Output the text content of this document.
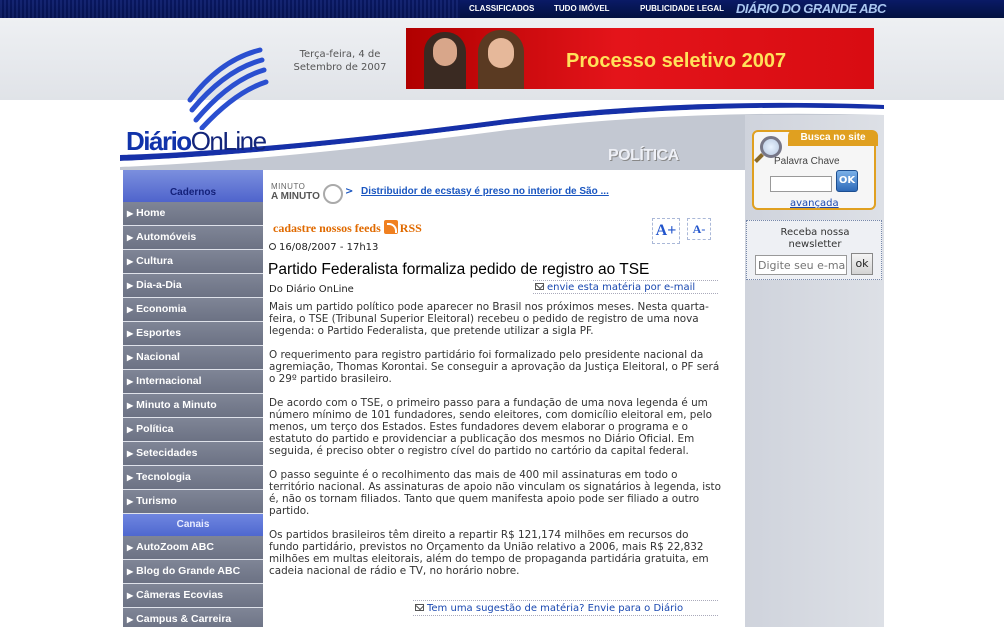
CLASSIFICADOS TUDO IMÓVEL	PUBLICIDADE LEGAL DIÁRIO DO GRANDE ABC
Terça-feira, 4 de Setembro de 2007	Processo seletivo 2007
DiárioOnLine	POLÍTICA
Cadernos
▶ Home
▶ Automóveis
▶ Cultura
▶ Dia-a-Dia
▶ Economia
▶ Esportes
▶ Nacional
▶ Internacional
▶ Minuto a Minuto
▶ Política
▶ Setecidades
▶ Tecnologia
▶ Turismo
Canais
▶ AutoZoom ABC
▶ Blog do Grande ABC
▶ Câmeras Ecovias
▶ Campus & Carreira
MINUTO
A MINUTO	> Distribuidor de ecstasy é preso no interior de São ...
cadastre nossos feeds RSS	A+	A-
16/08/2007 - 17h13
Partido Federalista formaliza pedido de registro ao TSE
Do Diário OnLine	envie esta matéria por e-mail

Mais um partido político pode aparecer no Brasil nos próximos meses. Nesta quarta-feira, o TSE (Tribunal Superior Eleitoral) recebeu o pedido de registro de uma nova legenda: o Partido Federalista, que pretende utilizar a sigla PF.

O requerimento para registro partidário foi formalizado pelo presidente nacional da agremiação, Thomas Korontai. Se conseguir a aprovação da Justiça Eleitoral, o PF será o 29º partido brasileiro.

De acordo com o TSE, o primeiro passo para a fundação de uma nova legenda é um número mínimo de 101 fundadores, sendo eleitores, com domicílio eleitoral em, pelo menos, um terço dos Estados. Estes fundadores devem elaborar o programa e o estatuto do partido e providenciar a publicação dos mesmos no Diário Oficial. Em seguida, é preciso obter o registro cível do partido no cartório da capital federal.

O passo seguinte é o recolhimento das mais de 400 mil assinaturas em todo o território nacional. As assinaturas de apoio não vinculam os signatários à legenda, isto é, não os tornam filiados. Tanto que quem manifesta apoio pode ser filiado a outro partido.

Os partidos brasileiros têm direito a repartir R$ 121,174 milhões em recursos do fundo partidário, previstos no Orçamento da União relativo a 2006, mais R$ 22,832 milhões em multas eleitorais, além do tempo de propaganda partidária gratuita, em cadeia nacional de rádio e TV, no horário nobre.

Tem uma sugestão de matéria? Envie para o Diário
Busca no site
Palavra Chave
OK
avançada
Receba nossa newsletter
Digite seu e-mail
ok
